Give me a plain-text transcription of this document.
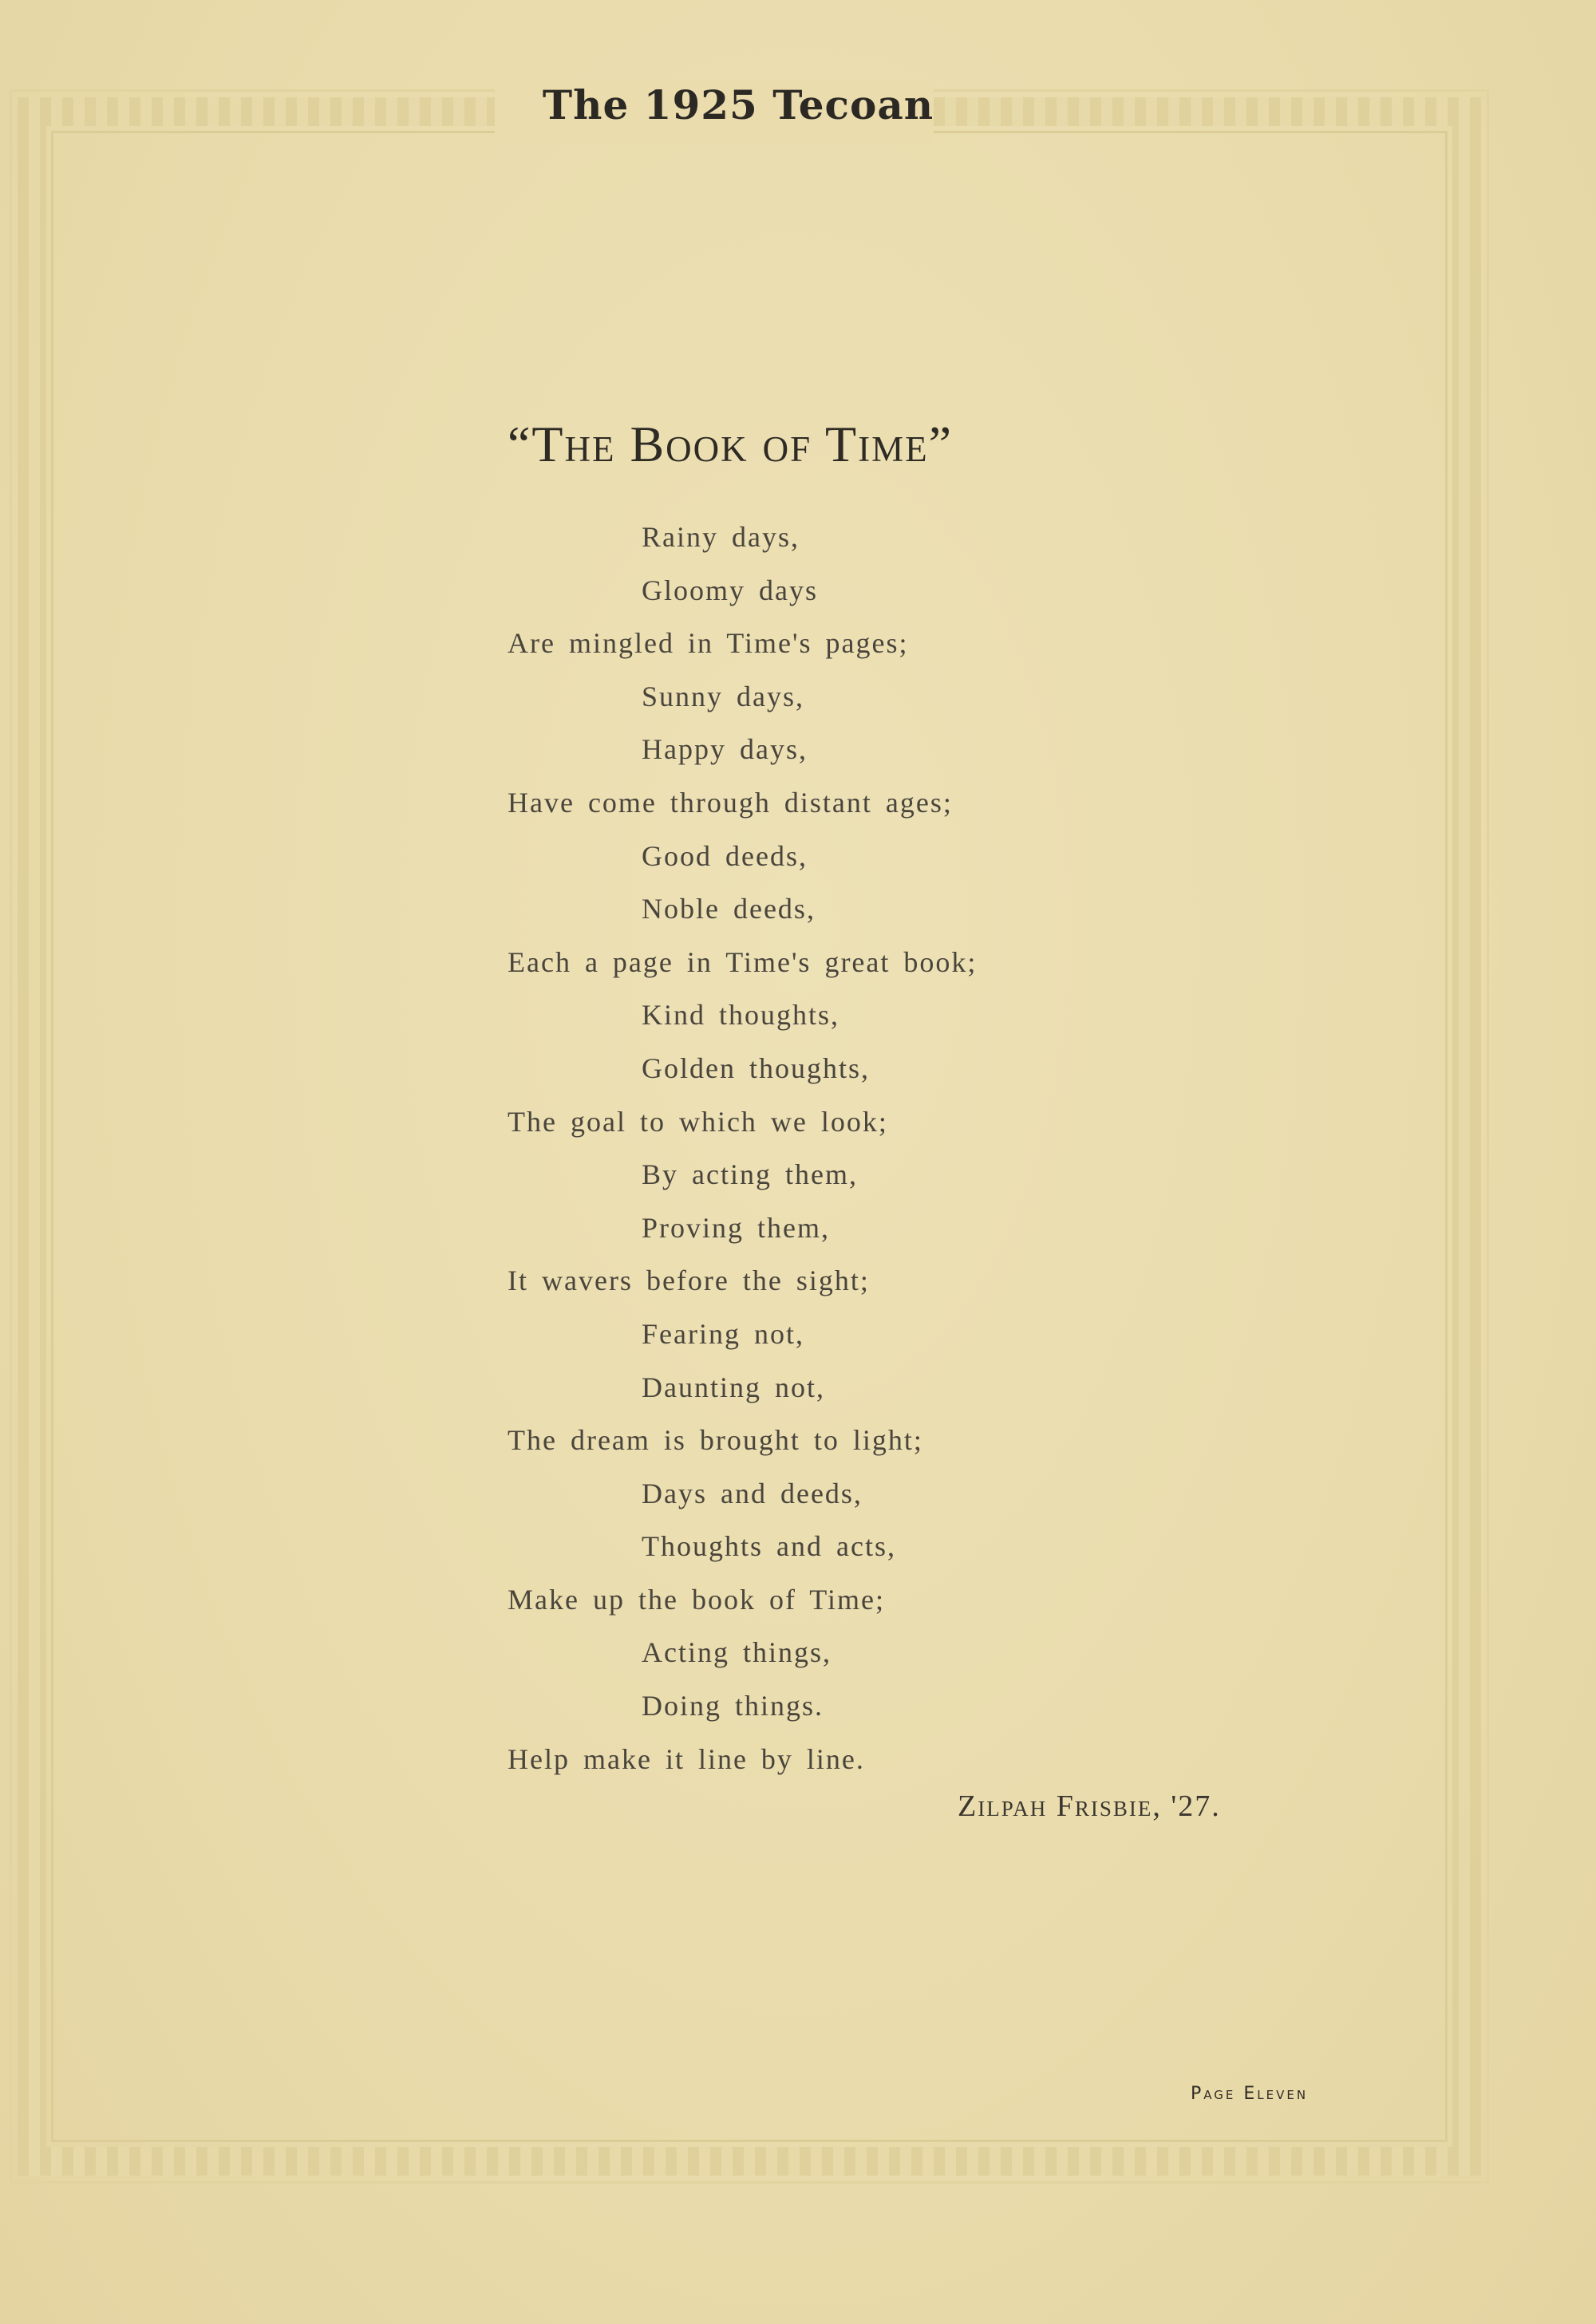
The 1925 Tecoan
“The Book of Time”
Rainy days,
Gloomy days
Are mingled in Time's pages;
Sunny days,
Happy days,
Have come through distant ages;
Good deeds,
Noble deeds,
Each a page in Time's great book;
Kind thoughts,
Golden thoughts,
The goal to which we look;
By acting them,
Proving them,
It wavers before the sight;
Fearing not,
Daunting not,
The dream is brought to light;
Days and deeds,
Thoughts and acts,
Make up the book of Time;
Acting things,
Doing things.
Help make it line by line.
Zilpah Frisbie, '27.
Page Eleven
